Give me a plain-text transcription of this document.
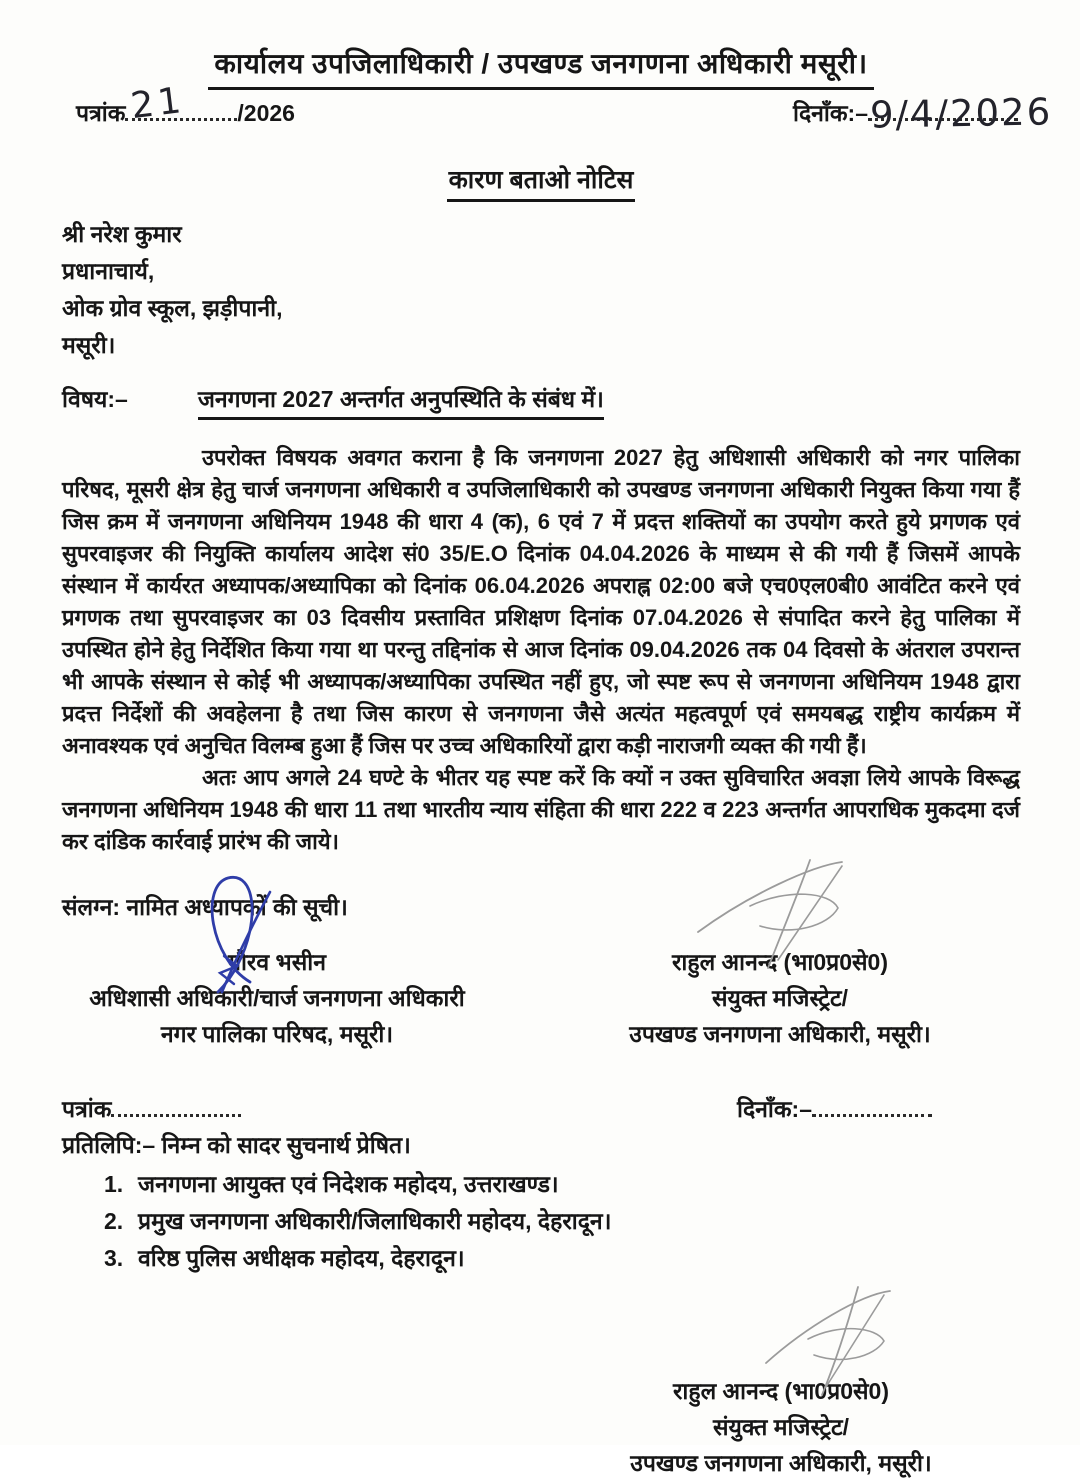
कार्यालय उपजिलाधिकारी / उपखण्ड जनगणना अधिकारी मसूरी।
पत्रांक 21 /2026	दिनाँक:– 9/4/2026
कारण बताओ नोटिस
श्री नरेश कुमार
प्रधानाचार्य,
ओक ग्रोव स्कूल, झड़ीपानी,
मसूरी।
विषय:–	जनगणना 2027 अन्तर्गत अनुपस्थिति के संबंध में।

उपरोक्त विषयक अवगत कराना है कि जनगणना 2027 हेतु अधिशासी अधिकारी को नगर पालिका परिषद, मूसरी क्षेत्र हेतु चार्ज जनगणना अधिकारी व उपजिलाधिकारी को उपखण्ड जनगणना अधिकारी नियुक्त किया गया हैं जिस क्रम में जनगणना अधिनियम 1948 की धारा 4 (क), 6 एवं 7 में प्रदत्त शक्तियों का उपयोग करते हुये प्रगणक एवं सुपरवाइजर की नियुक्ति कार्यालय आदेश सं0 35/E.O दिनांक 04.04.2026 के माध्यम से की गयी हैं जिसमें आपके संस्थान में कार्यरत अध्यापक/अध्यापिका को दिनांक 06.04.2026 अपराह्न 02:00 बजे एच0एल0बी0 आवंटित करने एवं प्रगणक तथा सुपरवाइजर का 03 दिवसीय प्रस्तावित प्रशिक्षण दिनांक 07.04.2026 से संपादित करने हेतु पालिका में उपस्थित होने हेतु निर्देशित किया गया था परन्तु तद्दिनांक से आज दिनांक 09.04.2026 तक 04 दिवसो के अंतराल उपरान्त भी आपके संस्थान से कोई भी अध्यापक/अध्यापिका उपस्थित नहीं हुए, जो स्पष्ट रूप से जनगणना अधिनियम 1948 द्वारा प्रदत्त निर्देशों की अवहेलना है तथा जिस कारण से जनगणना जैसे अत्यंत महत्वपूर्ण एवं समयबद्ध राष्ट्रीय कार्यक्रम में अनावश्यक एवं अनुचित विलम्ब हुआ हैं जिस पर उच्च अधिकारियों द्वारा कड़ी नाराजगी व्यक्त की गयी हैं।

अतः आप अगले 24 घण्टे के भीतर यह स्पष्ट करें कि क्यों न उक्त सुविचारित अवज्ञा लिये आपके विरूद्ध जनगणना अधिनियम 1948 की धारा 11 तथा भारतीय न्याय संहिता की धारा 222 व 223 अन्तर्गत आपराधिक मुकदमा दर्ज कर दांडिक कार्रवाई प्रारंभ की जाये।

संलग्न: नामित अध्यापकों की सूची।
गौरव भसीन
अधिशासी अधिकारी/चार्ज जनगणना अधिकारी
नगर पालिका परिषद, मसूरी।
राहुल आनन्द (भा0प्र0से0)
संयुक्त मजिस्ट्रेट/
उपखण्ड जनगणना अधिकारी, मसूरी।
पत्रांक	दिनाँक:–
प्रतिलिपि:– निम्न को सादर सुचनार्थ प्रेषित।
1. जनगणना आयुक्त एवं निदेशक महोदय, उत्तराखण्ड।
2. प्रमुख जनगणना अधिकारी/जिलाधिकारी महोदय, देहरादून।
3. वरिष्ठ पुलिस अधीक्षक महोदय, देहरादून।
राहुल आनन्द (भा0प्र0से0)
संयुक्त मजिस्ट्रेट/
उपखण्ड जनगणना अधिकारी, मसूरी।
